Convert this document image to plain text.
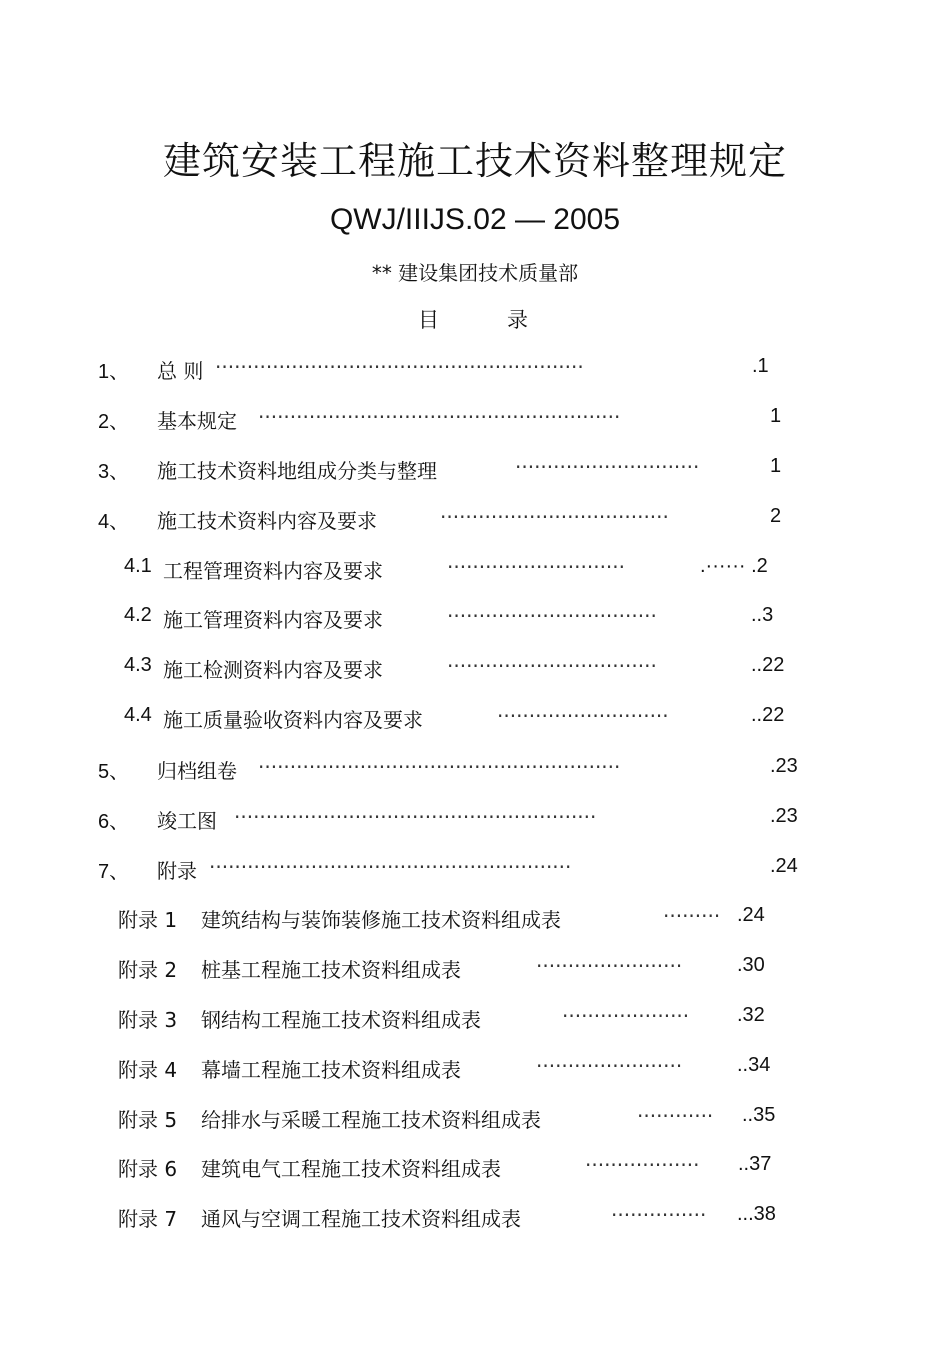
建筑安装工程施工技术资料整理规定
QWJ/IIIJS.02 — 2005
** 建设集团技术质量部
目	录
1、 总 则 ··························································	.1
2、 基本规定 ·························································	1
3、 施工技术资料地组成分类与整理	·····························	1
4、 施工技术资料内容及要求	····································	2
4.1 工程管理资料内容及要求	····························	.······ .2
4.2 施工管理资料内容及要求	·································	..3
4.3 施工检测资料内容及要求	·································	..22
4.4 施工质量验收资料内容及要求	···························	..22
5、 归档组卷 ·························································	.23
6、 竣工图 ·························································	.23
7、 附录 ·························································	.24
附录 1 建筑结构与装饰装修施工技术资料组成表	········· .24
附录 2 桩基工程施工技术资料组成表	·······················	.30
附录 3 钢结构工程施工技术资料组成表	····················	.32
附录 4 幕墙工程施工技术资料组成表	·······················	..34
附录 5 给排水与采暖工程施工技术资料组成表	············	..35
附录 6 建筑电气工程施工技术资料组成表	··················	..37
附录 7 通风与空调工程施工技术资料组成表	···············	...38
